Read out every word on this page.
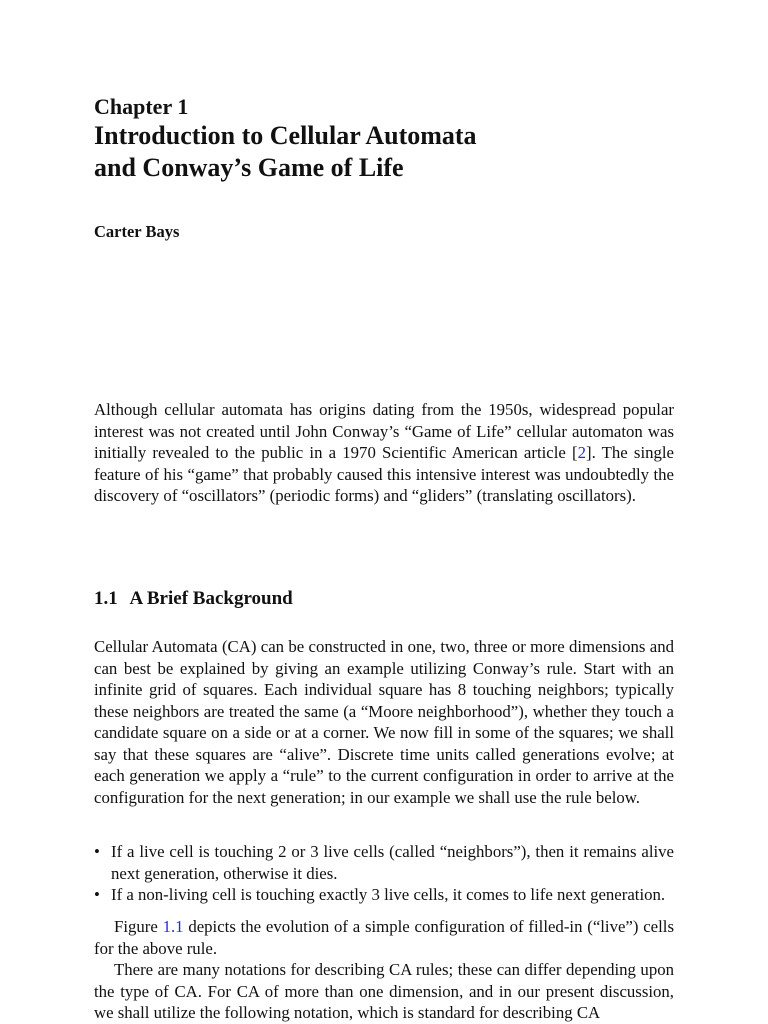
Chapter 1
Introduction to Cellular Automata
and Conway’s Game of Life
Carter Bays

Although cellular automata has origins dating from the 1950s, widespread popular interest was not created until John Conway’s “Game of Life” cellular automaton was initially revealed to the public in a 1970 Scientific American article [2]. The single feature of his “game” that probably caused this intensive interest was undoubtedly the discovery of “oscillators” (periodic forms) and “gliders” (translating oscillators).

1.1 A Brief Background

Cellular Automata (CA) can be constructed in one, two, three or more dimensions and can best be explained by giving an example utilizing Conway’s rule. Start with an infinite grid of squares. Each individual square has 8 touching neighbors; typically these neighbors are treated the same (a “Moore neighborhood”), whether they touch a candidate square on a side or at a corner. We now fill in some of the squares; we shall say that these squares are “alive”. Discrete time units called generations evolve; at each generation we apply a “rule” to the current configuration in order to arrive at the configuration for the next generation; in our example we shall use the rule below.

• If a live cell is touching 2 or 3 live cells (called “neighbors”), then it remains alive next generation, otherwise it dies.
• If a non-living cell is touching exactly 3 live cells, it comes to life next generation.

Figure 1.1 depicts the evolution of a simple configuration of filled-in (“live”) cells for the above rule.

There are many notations for describing CA rules; these can differ depending upon the type of CA. For CA of more than one dimension, and in our present discussion, we shall utilize the following notation, which is standard for describing CA
